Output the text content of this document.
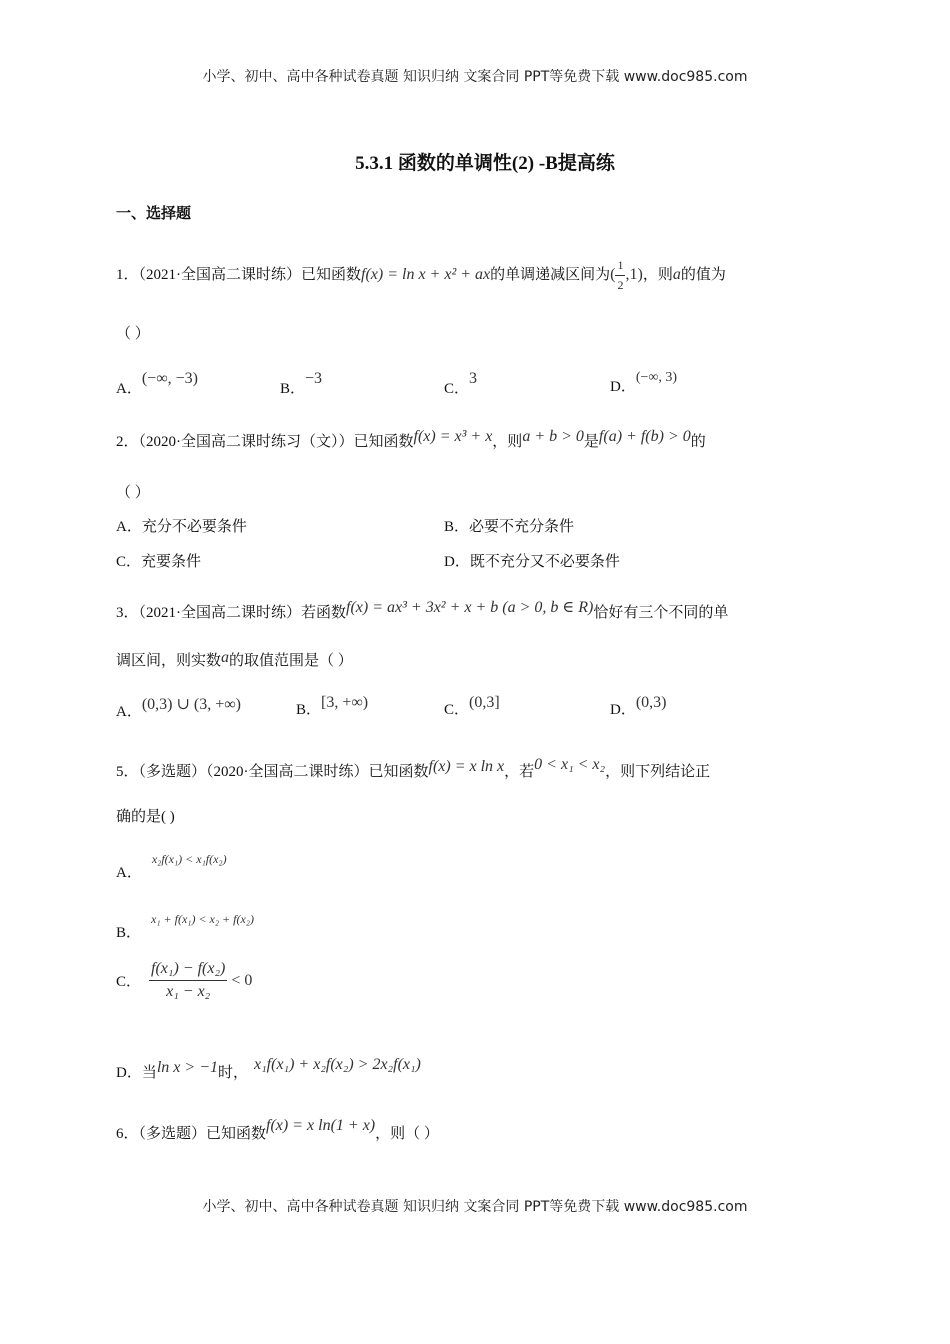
小学、初中、高中各种试卷真题 知识归纳 文案合同 PPT等免费下载 www.doc985.com
5.3.1 函数的单调性(2) -B提高练
一、选择题
1．（2021·全国高二课时练）已知函数f(x) = ln x + x² + ax的单调递减区间为( $\frac{1}{2} ,1$)，则a的值为
（ ）
A．(−∞, −3)
B．−3
C．3	D．(−∞, 3)
2．（2020·全国高二课时练习（文））已知函数f(x) = x³ + x，则a + b > 0是f(a) + f(b) > 0的
（ ）
A．充分不必要条件	B．必要不充分条件
C．充要条件	D．既不充分又不必要条件
3．（2021·全国高二课时练）若函数f(x) = ax³ + 3x² + x + b (a > 0, b ∈ R)恰好有三个不同的单
调区间，则实数a的取值范围是（ ）
A．(0,3) ∪ (3, +∞)	B．[3, +∞)	C．(0,3]	D．(0,3)
5．（多选题）（2020·全国高二课时练）已知函数f(x) = x ln x，若0 < x₁ < x₂，则下列结论正
确的是( )
A．$^{x_2f(x_1) < x_1f(x_2)}$
B．$^{x_1 + f(x_1) < x_2 + f(x_2)}$
C． $\frac{\text{f(x₁) − f(x₂)}}{\text{x₁ − x₂}} < 0$
D．当ln x > −1时， x₁f(x₁) + x₂f(x₂) > 2x₂f(x₁)
6．（多选题）已知函数f(x) = x ln(1 + x)，则（ ）
小学、初中、高中各种试卷真题 知识归纳 文案合同 PPT等免费下载 www.doc985.com
